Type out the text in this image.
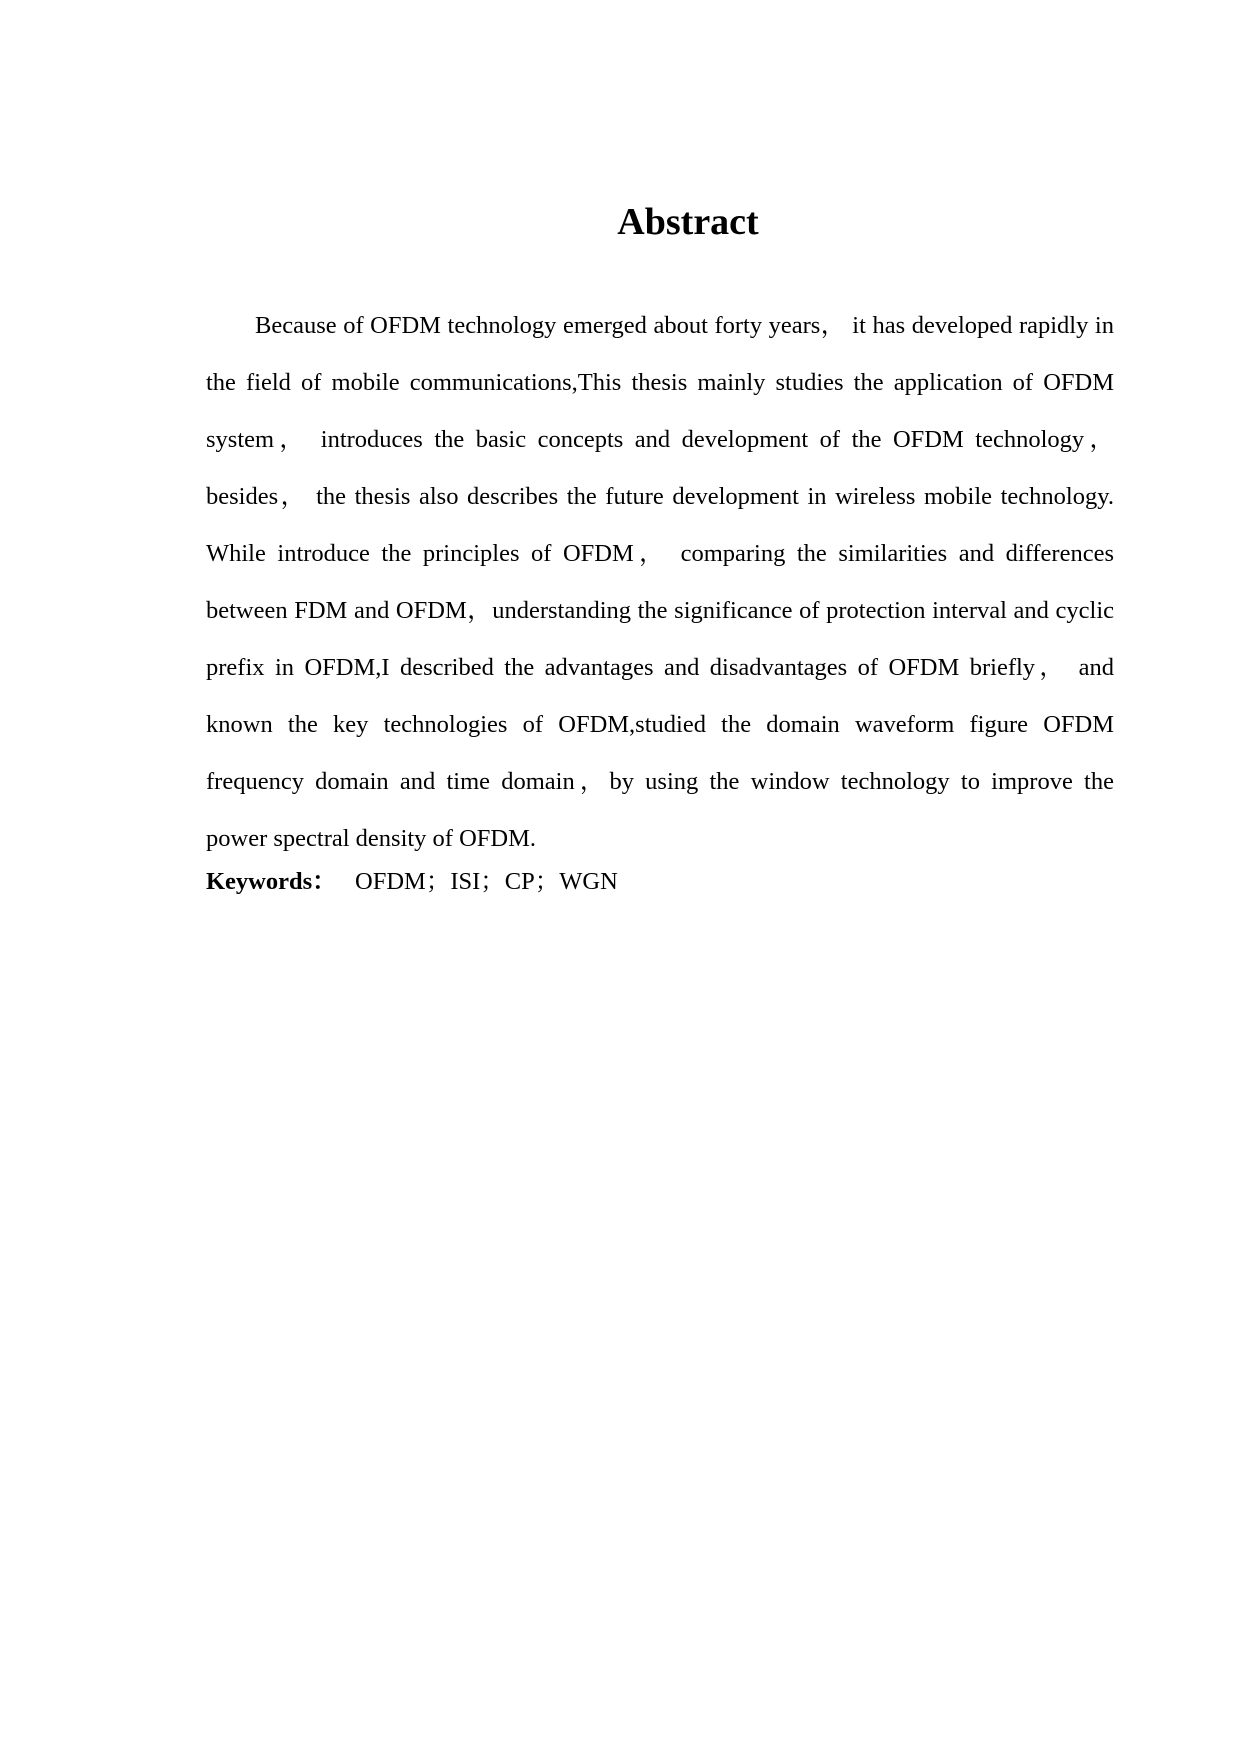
Abstract

Because of OFDM technology emerged about forty years， it has developed rapidly in the field of mobile communications,This thesis mainly studies the application of OFDM system， introduces the basic concepts and development of the OFDM technology， besides， the thesis also describes the future development in wireless mobile technology. While introduce the principles of OFDM， comparing the similarities and differences between FDM and OFDM，understanding the significance of protection interval and cyclic prefix in OFDM,I described the advantages and disadvantages of OFDM briefly， and known the key technologies of OFDM,studied the domain waveform figure OFDM frequency domain and time domain，by using the window technology to improve the power spectral density of OFDM.

Keywords： OFDM；ISI；CP；WGN
